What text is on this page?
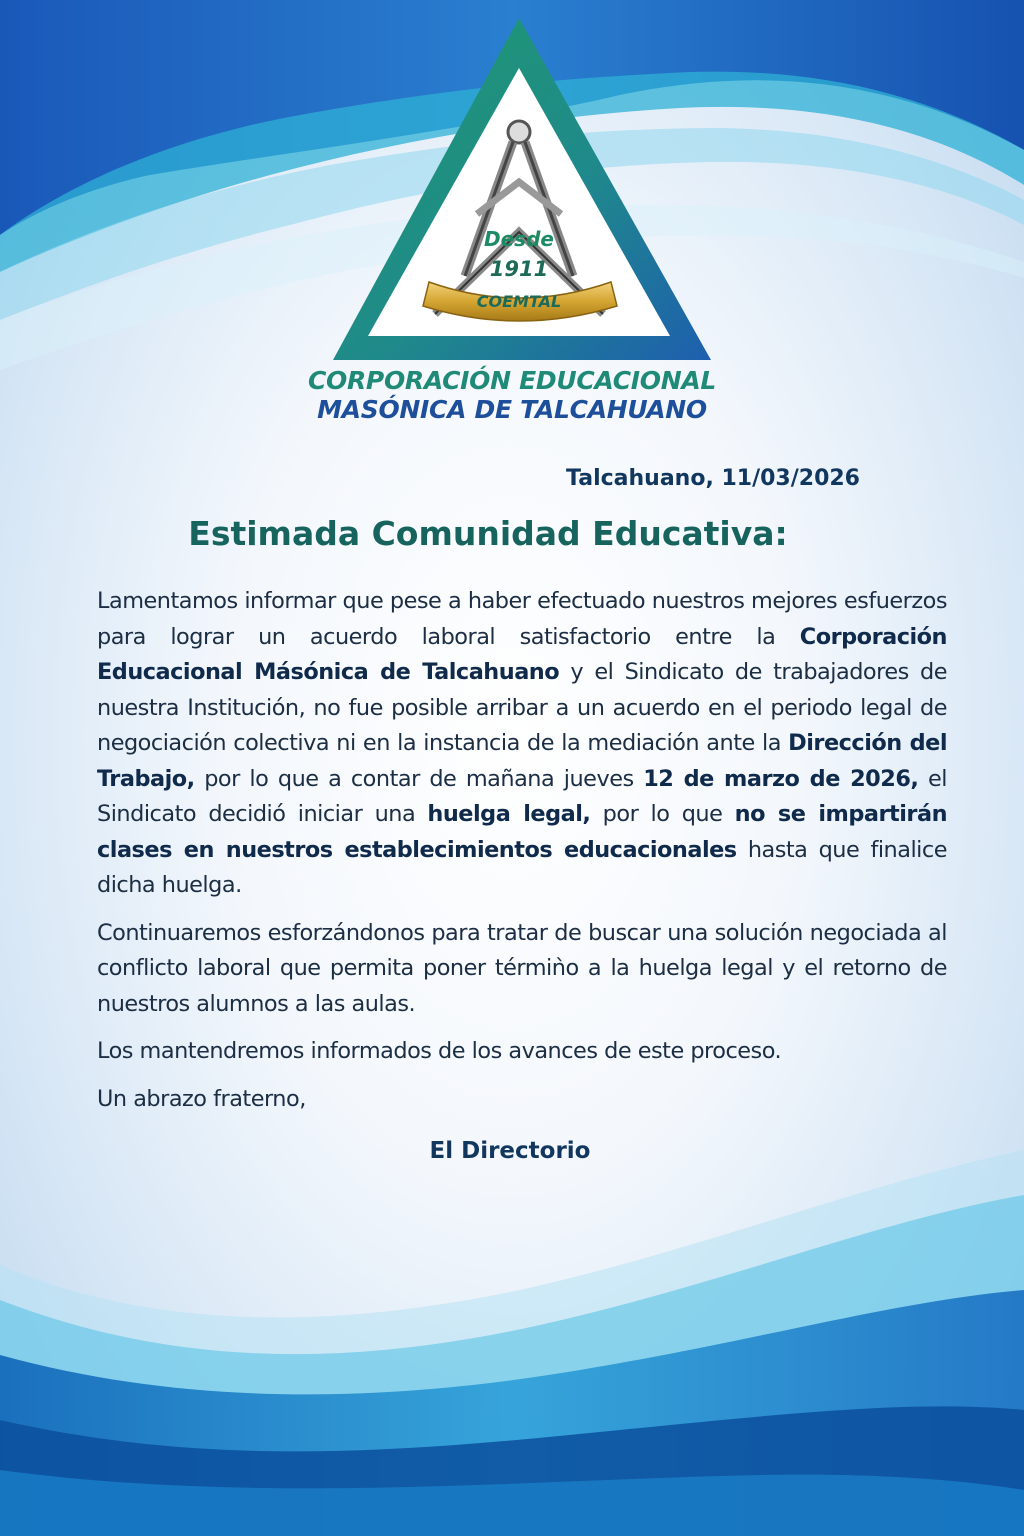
Desde
1911
COEMTAL
CORPORACIÓN EDUCACIONAL
MASÓNICA DE TALCAHUANO
Talcahuano, 11/03/2026
Estimada Comunidad Educativa:

Lamentamos informar que pese a haber efectuado nuestros mejores esfuerzos para lograr un acuerdo laboral satisfactorio entre la Corporación Educacional Másónica de Talcahuano y el Sindicato de trabajadores de nuestra Institución, no fue posible arribar a un acuerdo en el periodo legal de negociación colectiva ni en la instancia de la mediación ante la Dirección del Trabajo, por lo que a contar de mañana jueves 12 de marzo de 2026, el Sindicato decidió iniciar una huelga legal, por lo que no se impartirán clases en nuestros establecimientos educacionales hasta que finalice dicha huelga.

Continuaremos esforzándonos para tratar de buscar una solución negociada al conflicto laboral que permita poner térmiǹo a la huelga legal y el retorno de nuestros alumnos a las aulas.

Los mantendremos informados de los avances de este proceso.

Un abrazo fraterno,

El Directorio
